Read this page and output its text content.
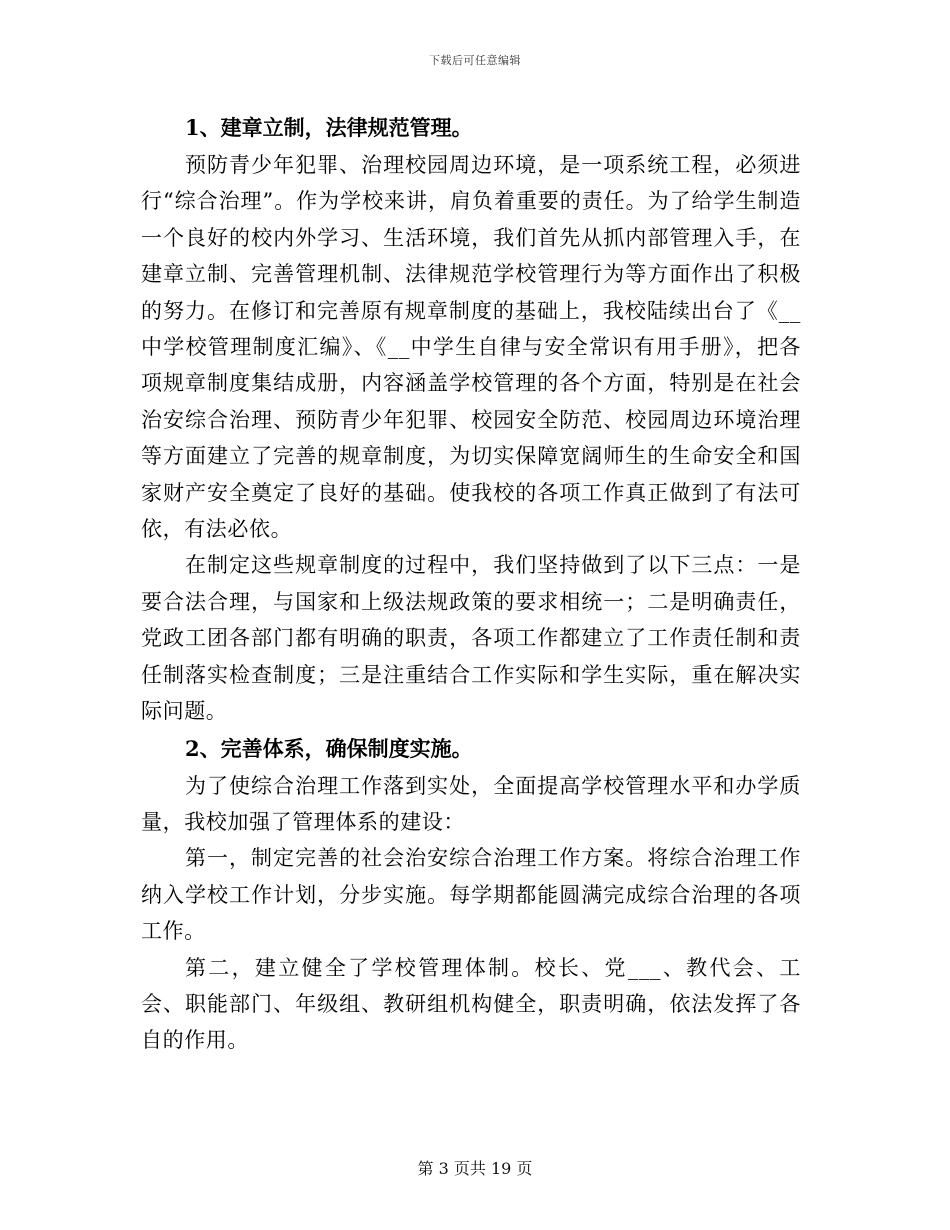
下载后可任意编辑
1、建章立制，法律规范管理。

预防青少年犯罪、治理校园周边环境，是一项系统工程，必须进行“综合治理”。作为学校来讲，肩负着重要的责任。为了给学生制造一个良好的校内外学习、生活环境，我们首先从抓内部管理入手，在建章立制、完善管理机制、法律规范学校管理行为等方面作出了积极的努力。在修订和完善原有规章制度的基础上，我校陆续出台了《__中学校管理制度汇编》、《__中学生自律与安全常识有用手册》，把各项规章制度集结成册，内容涵盖学校管理的各个方面，特别是在社会治安综合治理、预防青少年犯罪、校园安全防范、校园周边环境治理等方面建立了完善的规章制度，为切实保障宽阔师生的生命安全和国家财产安全奠定了良好的基础。使我校的各项工作真正做到了有法可依，有法必依。

在制定这些规章制度的过程中，我们坚持做到了以下三点：一是要合法合理，与国家和上级法规政策的要求相统一；二是明确责任，党政工团各部门都有明确的职责，各项工作都建立了工作责任制和责任制落实检查制度；三是注重结合工作实际和学生实际，重在解决实际问题。

2、完善体系，确保制度实施。

为了使综合治理工作落到实处，全面提高学校管理水平和办学质量，我校加强了管理体系的建设：

第一，制定完善的社会治安综合治理工作方案。将综合治理工作纳入学校工作计划，分步实施。每学期都能圆满完成综合治理的各项工作。

第二，建立健全了学校管理体制。校长、党___、教代会、工会、职能部门、年级组、教研组机构健全，职责明确，依法发挥了各自的作用。

第 3 页共 19 页
